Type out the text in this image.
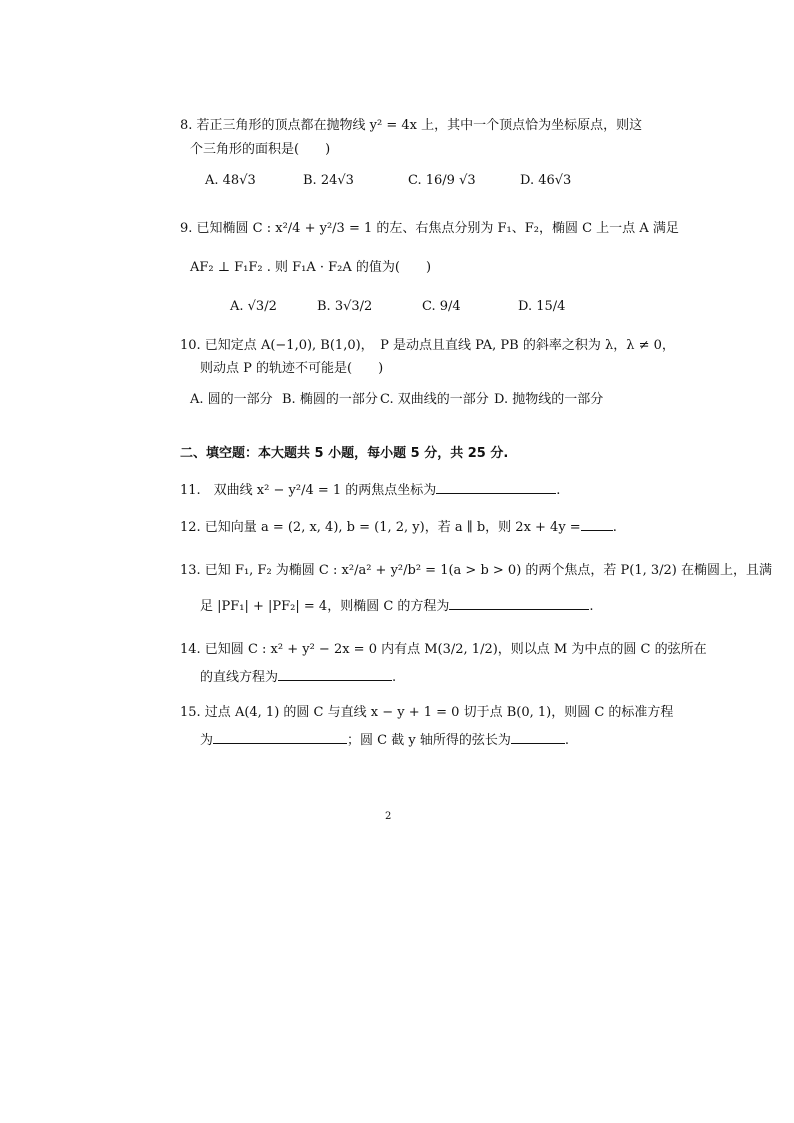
8. 若正三角形的顶点都在抛物线 y² = 4x 上，其中一个顶点恰为坐标原点，则这
个三角形的面积是(　　)
A. 48√3	B. 24√3	C. 16/9 √3	D. 46√3
9. 已知椭圆 C : x²/4 + y²/3 = 1 的左、右焦点分别为 F₁、F₂，椭圆 C 上一点 A 满足
AF₂ ⊥ F₁F₂ . 则 F₁A · F₂A 的值为(　　)
A. √3/2	B. 3√3/2	C. 9/4	D. 15/4
10. 已知定点 A(−1,0), B(1,0)，　P 是动点且直线 PA, PB 的斜率之积为 λ，λ ≠ 0，
则动点 P 的轨迹不可能是(　　)
A. 圆的一部分 B. 椭圆的一部分 C. 双曲线的一部分 D. 抛物线的一部分
二、填空题：本大题共 5 小题，每小题 5 分，共 25 分.
11.　双曲线 x² − y²/4 = 1 的两焦点坐标为	.
12. 已知向量 a = (2, x, 4), b = (1, 2, y)，若 a ∥ b，则 2x + 4y = .
13. 已知 F₁, F₂ 为椭圆 C : x²/a² + y²/b² = 1(a > b > 0) 的两个焦点，若 P(1, 3/2) 在椭圆上，且满
足 |PF₁| + |PF₂| = 4，则椭圆 C 的方程为	.
14. 已知圆 C : x² + y² − 2x = 0 内有点 M(3/2, 1/2)，则以点 M 为中点的圆 C 的弦所在
的直线方程为	.
15. 过点 A(4, 1) 的圆 C 与直线 x − y + 1 = 0 切于点 B(0, 1)，则圆 C 的标准方程
为	；圆 C 截 y 轴所得的弦长为	.
2
